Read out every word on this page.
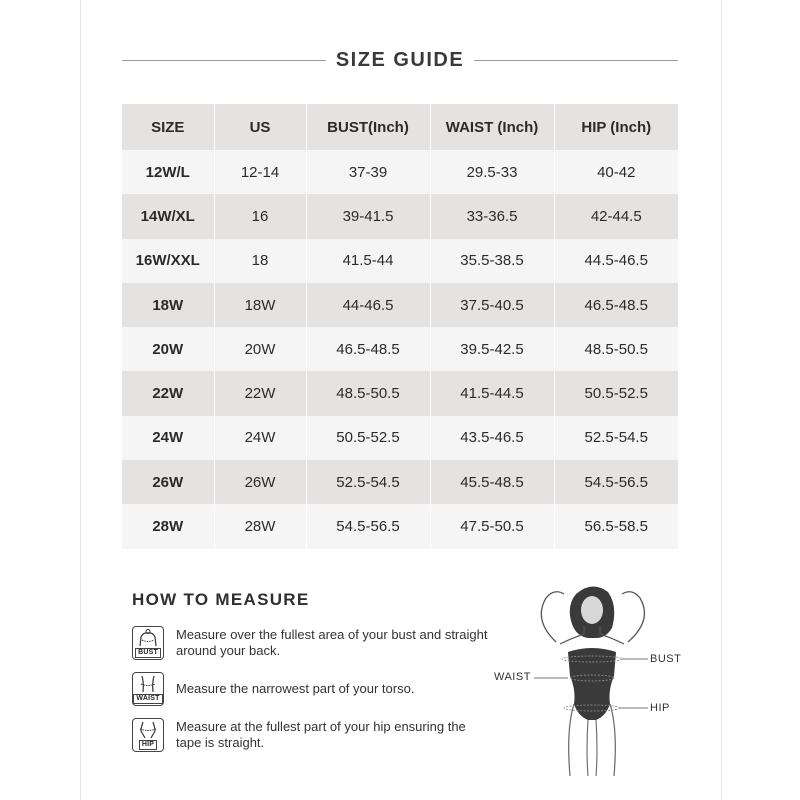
SIZE GUIDE
SIZE	US	BUST(Inch)	WAIST (Inch)	HIP (Inch)
12W/L	12-14	37-39	29.5-33	40-42
14W/XL	16	39-41.5	33-36.5	42-44.5
16W/XXL	18	41.5-44	35.5-38.5	44.5-46.5
18W	18W	44-46.5	37.5-40.5	46.5-48.5
20W	20W	46.5-48.5	39.5-42.5	48.5-50.5
22W	22W	48.5-50.5	41.5-44.5	50.5-52.5
24W	24W	50.5-52.5	43.5-46.5	52.5-54.5
26W	26W	52.5-54.5	45.5-48.5	54.5-56.5
28W	28W	54.5-56.5	47.5-50.5	56.5-58.5
HOW TO MEASURE
BUST
Measure over the fullest area of your bust and straight around your back.
WAIST
Measure the narrowest part of your torso.
HIP
Measure at the fullest part of your hip ensuring the tape is straight.
WAIST
BUST
HIP
